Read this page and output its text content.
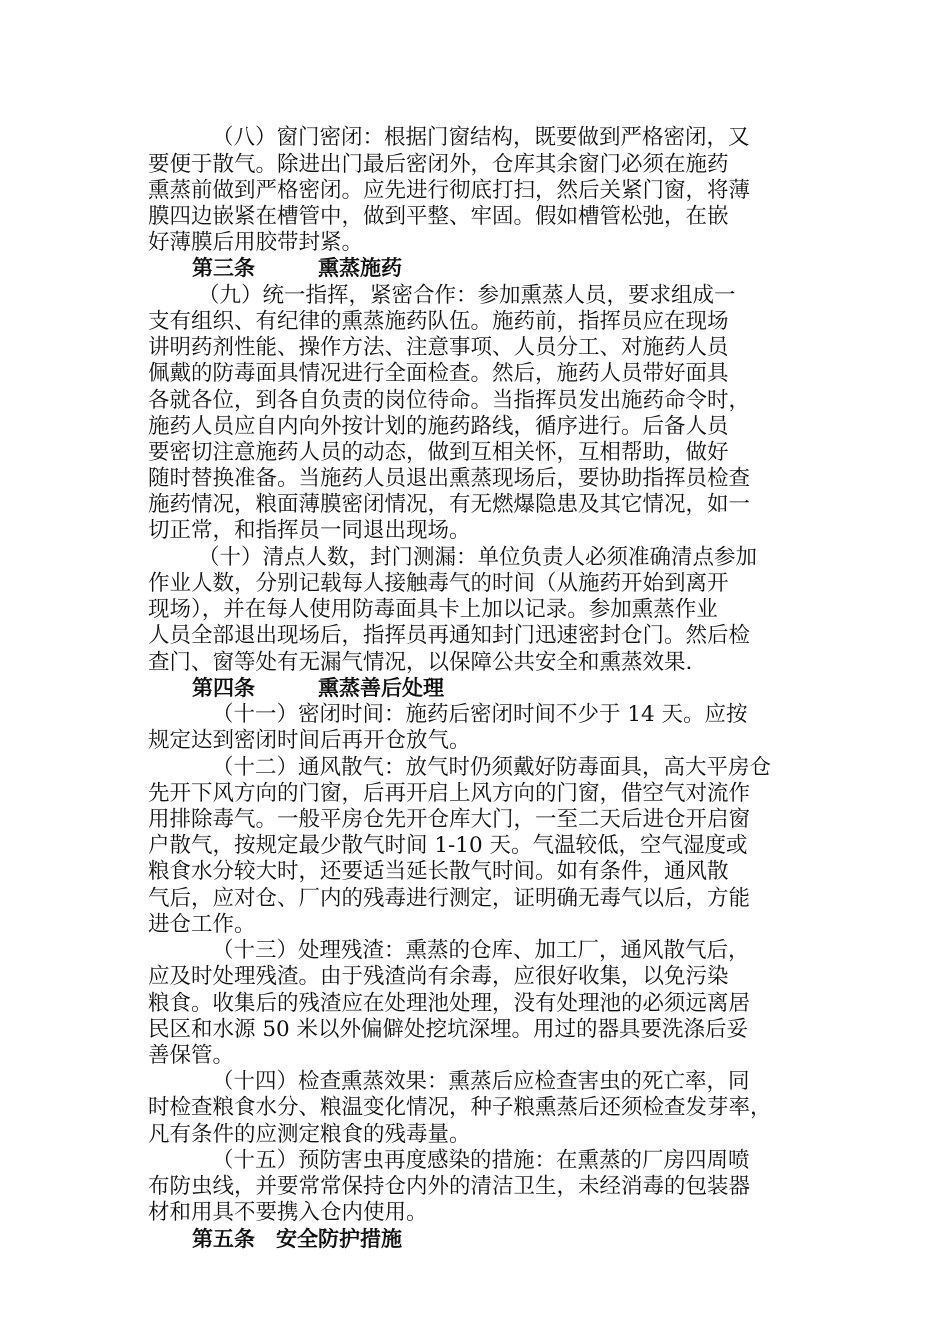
（八）窗门密闭：根据门窗结构，既要做到严格密闭，又
要便于散气。除进出门最后密闭外，仓库其余窗门必须在施药
熏蒸前做到严格密闭。应先进行彻底打扫，然后关紧门窗，将薄
膜四边嵌紧在槽管中，做到平整、牢固。假如槽管松弛，在嵌
好薄膜后用胶带封紧。
第三条　　　熏蒸施药
（九）统一指挥，紧密合作：参加熏蒸人员，要求组成一
支有组织、有纪律的熏蒸施药队伍。施药前，指挥员应在现场
讲明药剂性能、操作方法、注意事项、人员分工、对施药人员
佩戴的防毒面具情况进行全面检查。然后，施药人员带好面具
各就各位，到各自负责的岗位待命。当指挥员发出施药命令时，
施药人员应自内向外按计划的施药路线，循序进行。后备人员
要密切注意施药人员的动态，做到互相关怀，互相帮助，做好
随时替换准备。当施药人员退出熏蒸现场后，要协助指挥员检查
施药情况，粮面薄膜密闭情况，有无燃爆隐患及其它情况，如一
切正常，和指挥员一同退出现场。
（十）清点人数，封门测漏：单位负责人必须准确清点参加
作业人数，分别记载每人接触毒气的时间（从施药开始到离开
现场），并在每人使用防毒面具卡上加以记录。参加熏蒸作业
人员全部退出现场后，指挥员再通知封门迅速密封仓门。然后检
查门、窗等处有无漏气情况，以保障公共安全和熏蒸效果.
第四条　　　熏蒸善后处理
（十一）密闭时间：施药后密闭时间不少于 14 天。应按
规定达到密闭时间后再开仓放气。
（十二）通风散气：放气时仍须戴好防毒面具，高大平房仓
先开下风方向的门窗，后再开启上风方向的门窗，借空气对流作
用排除毒气。一般平房仓先开仓库大门，一至二天后进仓开启窗
户散气，按规定最少散气时间 1-10 天。气温较低，空气湿度或
粮食水分较大时，还要适当延长散气时间。如有条件，通风散
气后，应对仓、厂内的残毒进行测定，证明确无毒气以后，方能
进仓工作。
（十三）处理残渣：熏蒸的仓库、加工厂，通风散气后，
应及时处理残渣。由于残渣尚有余毒，应很好收集，以免污染
粮食。收集后的残渣应在处理池处理，没有处理池的必须远离居
民区和水源 50 米以外偏僻处挖坑深埋。用过的器具要洗涤后妥
善保管。
（十四）检查熏蒸效果：熏蒸后应检查害虫的死亡率，同
时检查粮食水分、粮温变化情况，种子粮熏蒸后还须检查发芽率，
凡有条件的应测定粮食的残毒量。
（十五）预防害虫再度感染的措施：在熏蒸的厂房四周喷
布防虫线，并要常常保持仓内外的清洁卫生，未经消毒的包装器
材和用具不要携入仓内使用。
第五条　安全防护措施
